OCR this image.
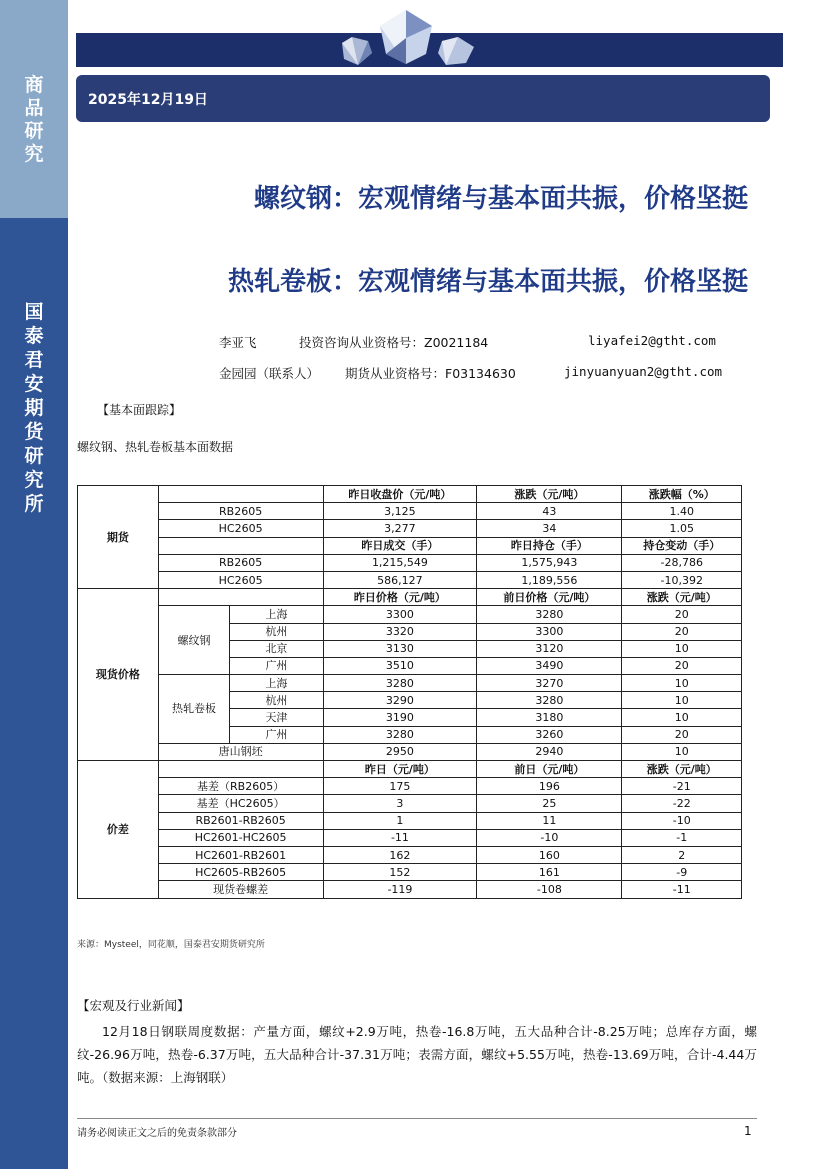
商
品
研
究
国
泰
君
安
期
货
研
究
所
2025年12月19日
螺纹钢：宏观情绪与基本面共振，价格坚挺
热轧卷板：宏观情绪与基本面共振，价格坚挺
李亚飞	投资咨询从业资格号：Z0021184	liyafei2@gtht.com
金园园（联系人） 期货从业资格号：F03134630	jinyuanyuan2@gtht.com
【基本面跟踪】
螺纹钢、热轧卷板基本面数据
期货			昨日收盘价（元/吨）	涨跌（元/吨）	涨跌幅（%）
	RB2605		3,125	43	1.40
	HC2605		3,277	34	1.05
			昨日成交（手）	昨日持仓（手）	持仓变动（手）
	RB2605		1,215,549	1,575,943	-28,786
	HC2605		586,127	1,189,556	-10,392
现货价格			昨日价格（元/吨）	前日价格（元/吨）	涨跌（元/吨）
	螺纹钢	上海	3300	3280	20
		杭州	3320	3300	20
		北京	3130	3120	10
		广州	3510	3490	20
	热轧卷板	上海	3280	3270	10
		杭州	3290	3280	10
		天津	3190	3180	10
		广州	3280	3260	20
	唐山钢坯		2950	2940	10
价差			昨日（元/吨）	前日（元/吨）	涨跌（元/吨）
	基差（RB2605）		175	196	-21
	基差（HC2605）		3	25	-22
	RB2601-RB2605		1	11	-10
	HC2601-HC2605		-11	-10	-1
	HC2601-RB2601		162	160	2
	HC2605-RB2605		152	161	-9
	现货卷螺差		-119	-108	-11
来源：Mysteel，同花顺，国泰君安期货研究所
【宏观及行业新闻】
12月18日钢联周度数据：产量方面，螺纹+2.9万吨，热卷-16.8万吨，五大品种合计-8.25万吨；总库存方面，螺纹-26.96万吨，热卷-6.37万吨，五大品种合计-37.31万吨；表需方面，螺纹+5.55万吨，热卷-13.69万吨，合计-4.44万吨。（数据来源：上海钢联）
请务必阅读正文之后的免责条款部分	1
